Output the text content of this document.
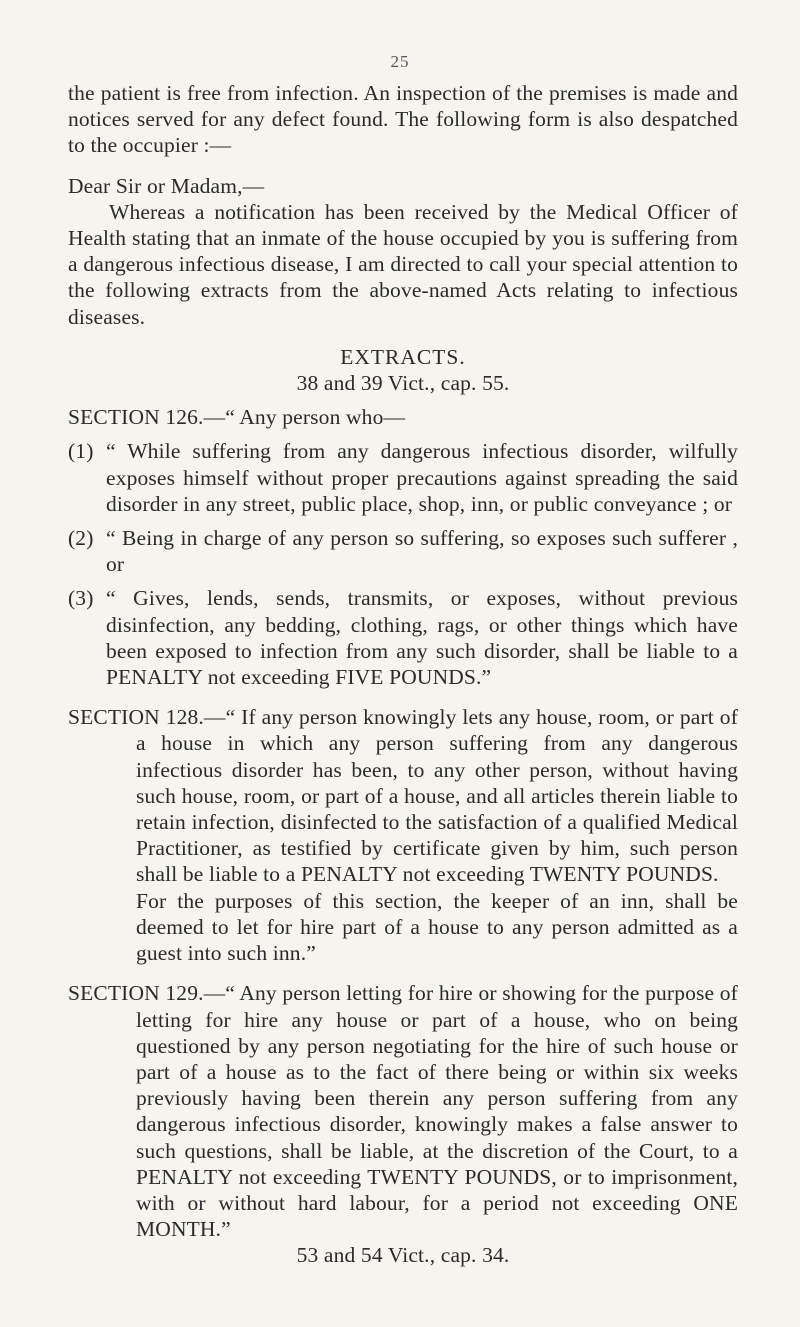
25

the patient is free from infection. An inspection of the premises is made and notices served for any defect found. The following form is also despatched to the occupier :—

Dear Sir or Madam,—

Whereas a notification has been received by the Medical Officer of Health stating that an inmate of the house occupied by you is suffering from a dangerous infectious disease, I am directed to call your special attention to the following extracts from the above-named Acts relating to infectious diseases.

EXTRACTS.

38 and 39 Vict., cap. 55.

SECTION 126.—“ Any person who—

(1) “ While suffering from any dangerous infectious disorder, wilfully exposes himself without proper precautions against spreading the said disorder in any street, public place, shop, inn, or public conveyance ; or
(2) “ Being in charge of any person so suffering, so exposes such sufferer , or
(3) “ Gives, lends, sends, transmits, or exposes, without previous disinfection, any bedding, clothing, rags, or other things which have been exposed to infection from any such disorder, shall be liable to a PENALTY not exceeding FIVE POUNDS.”

SECTION 128.—“ If any person knowingly lets any house, room, or part of a house in which any person suffering from any dangerous infectious disorder has been, to any other person, without having such house, room, or part of a house, and all articles therein liable to retain infection, disinfected to the satisfaction of a qualified Medical Practitioner, as testified by certificate given by him, such person shall be liable to a PENALTY not exceeding TWENTY POUNDS.

For the purposes of this section, the keeper of an inn, shall be deemed to let for hire part of a house to any person admitted as a guest into such inn.”

SECTION 129.—“ Any person letting for hire or showing for the purpose of letting for hire any house or part of a house, who on being questioned by any person negotiating for the hire of such house or part of a house as to the fact of there being or within six weeks previously having been therein any person suffering from any dangerous infectious disorder, knowingly makes a false answer to such questions, shall be liable, at the discretion of the Court, to a PENALTY not exceeding TWENTY POUNDS, or to imprisonment, with or without hard labour, for a period not exceeding ONE MONTH.”

53 and 54 Vict., cap. 34.
